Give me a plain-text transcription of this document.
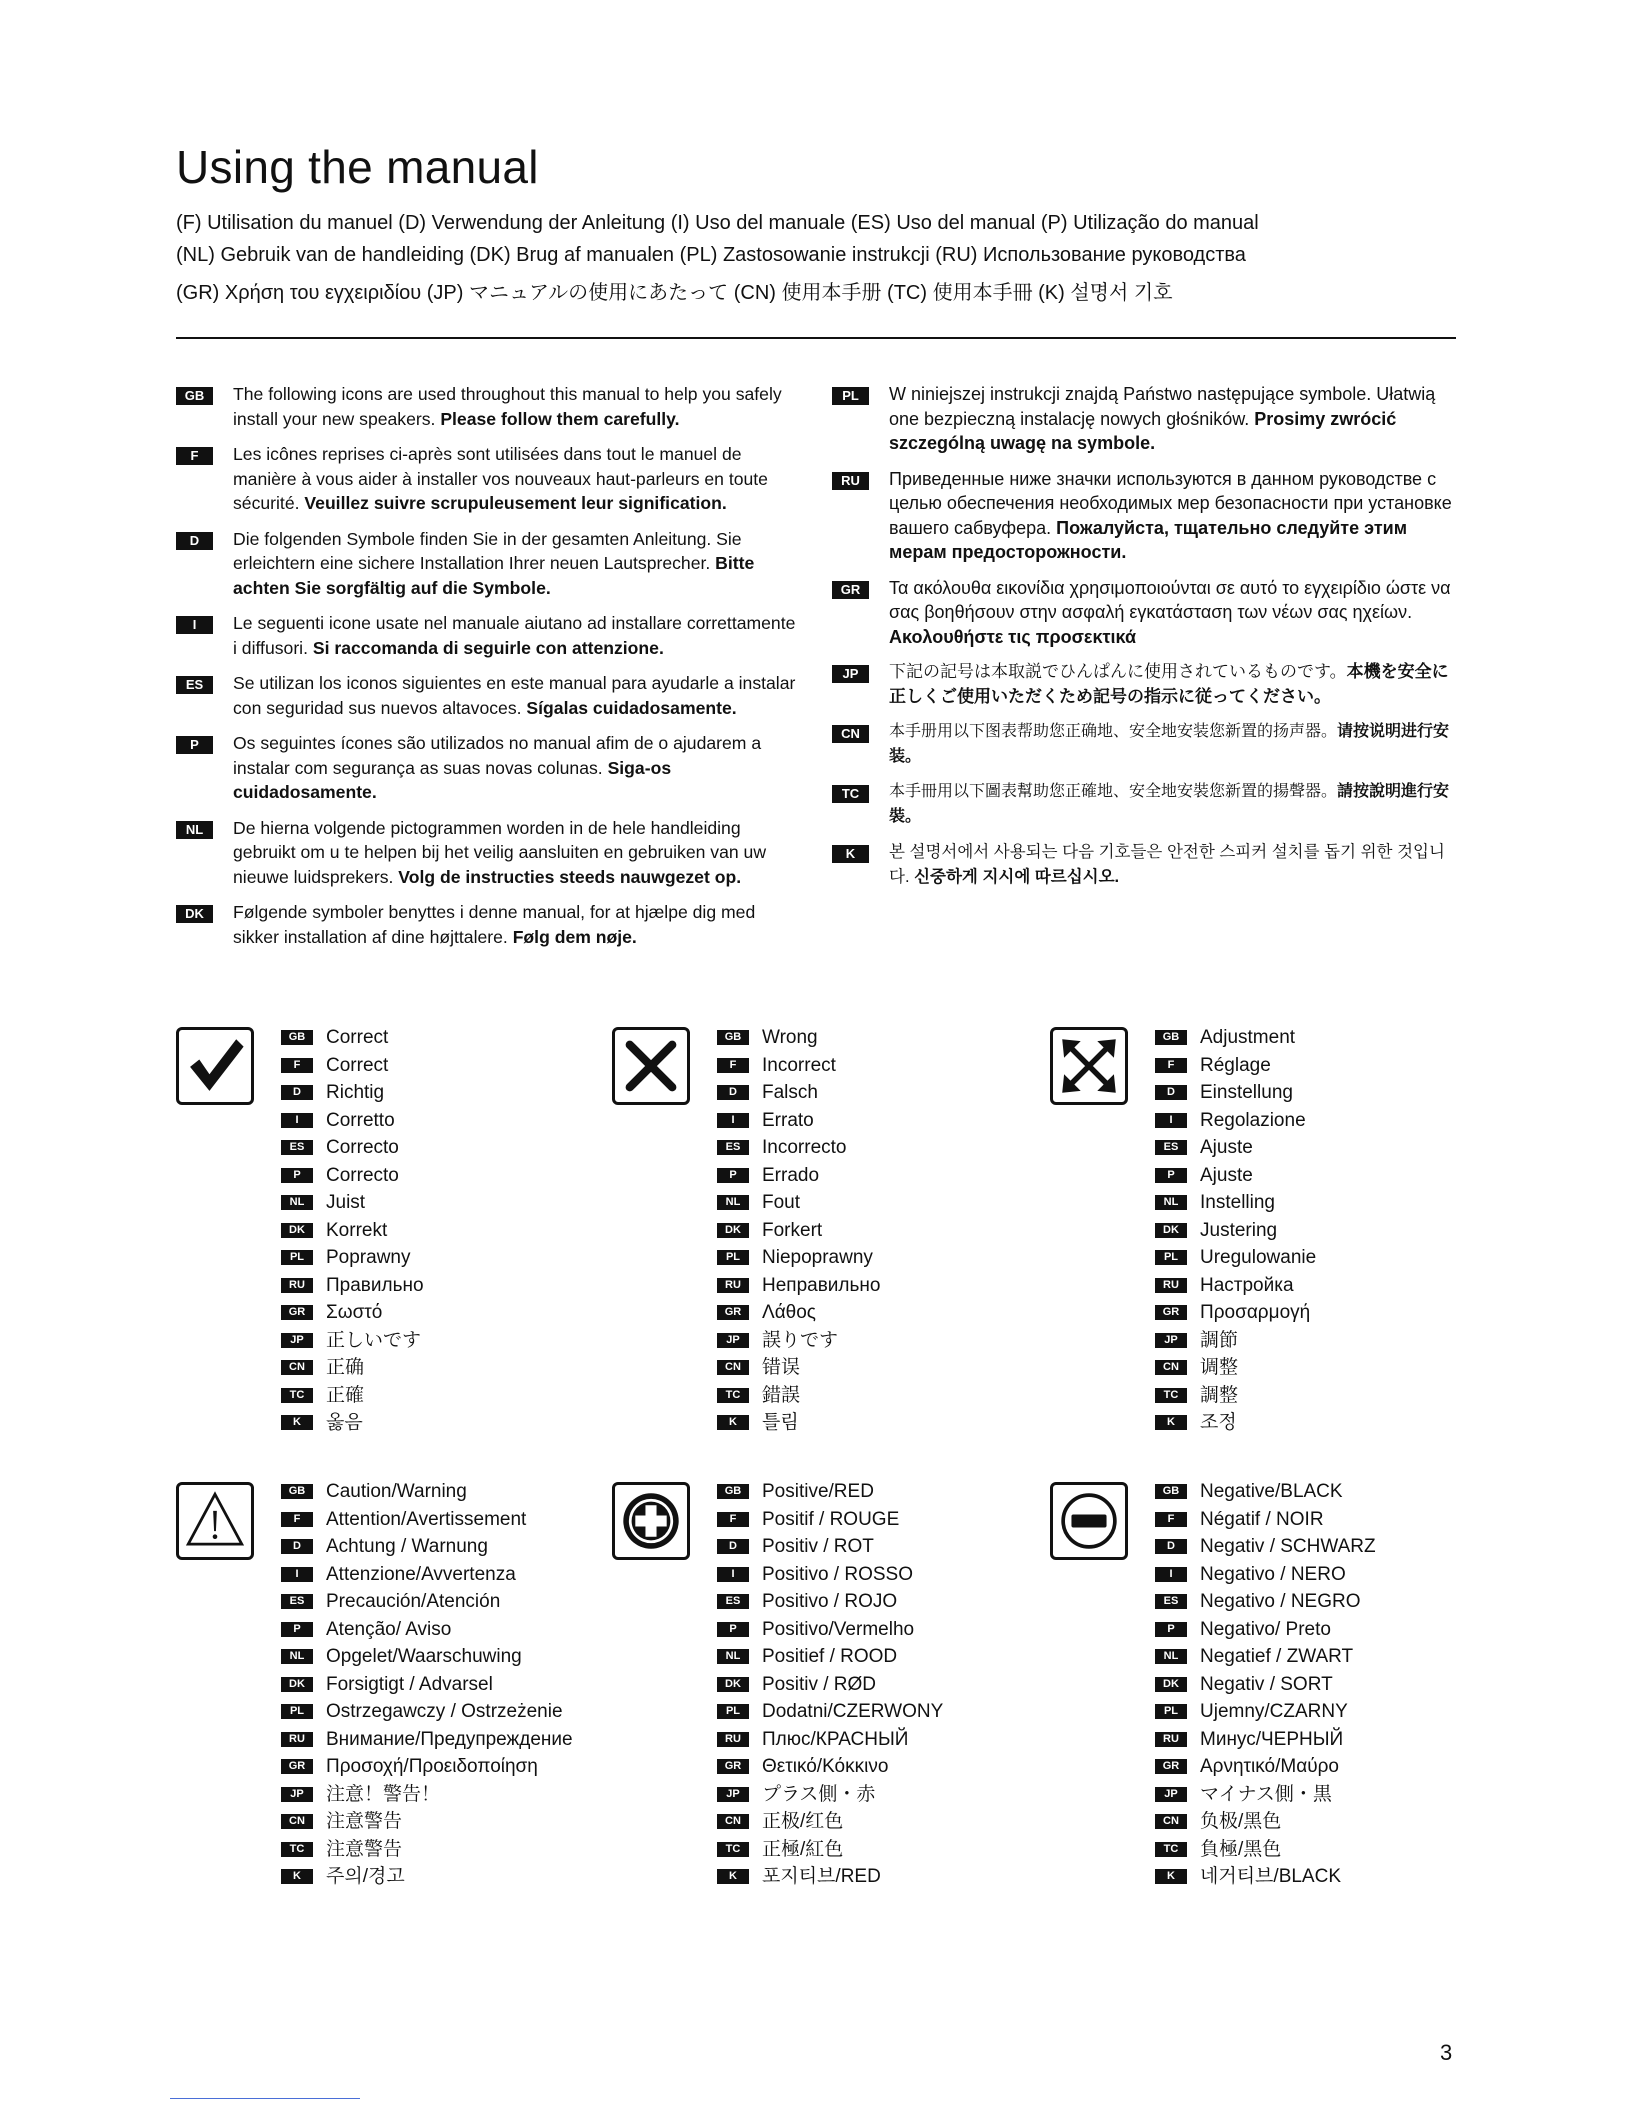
Using the manual
(F) Utilisation du manuel (D) Verwendung der Anleitung (I) Uso del manuale (ES) Uso del manual (P) Utilização do manual
(NL) Gebruik van de handleiding (DK) Brug af manualen (PL) Zastosowanie instrukcji (RU) Использование руководства
(GR) Χρήση του εγχειριδίου (JP) マニュアルの使用にあたって (CN) 使用本手册 (TC) 使用本手冊 (K) 설명서 기호
GB	The following icons are used throughout this manual to help you safely install your new speakers. Please follow them carefully.
F	Les icônes reprises ci-après sont utilisées dans tout le manuel de manière à vous aider à installer vos nouveaux haut-parleurs en toute sécurité. Veuillez suivre scrupuleusement leur signification.
D	Die folgenden Symbole finden Sie in der gesamten Anleitung. Sie erleichtern eine sichere Installation Ihrer neuen Lautsprecher. Bitte achten Sie sorgfältig auf die Symbole.
I	Le seguenti icone usate nel manuale aiutano ad installare correttamente i diffusori. Si raccomanda di seguirle con attenzione.
ES	Se utilizan los iconos siguientes en este manual para ayudarle a instalar con seguridad sus nuevos altavoces. Sígalas cuidadosamente.
P	Os seguintes ícones são utilizados no manual afim de o ajudarem a instalar com segurança as suas novas colunas. Siga-os cuidadosamente.
NL	De hierna volgende pictogrammen worden in de hele handleiding gebruikt om u te helpen bij het veilig aansluiten en gebruiken van uw nieuwe luidsprekers. Volg de instructies steeds nauwgezet op.
DK	Følgende symboler benyttes i denne manual, for at hjælpe dig med sikker installation af dine højttalere. Følg dem nøje.
PL	W niniejszej instrukcji znajdą Państwo następujące symbole. Ułatwią one bezpieczną instalację nowych głośników. Prosimy zwrócić szczególną uwagę na symbole.
RU	Приведенные ниже значки используются в данном руководстве с целью обеспечения необходимых мер безопасности при установке вашего сабвуфера. Пожалуйста, тщательно следуйте этим мерам предосторожности.
GR	Τα ακόλουθα εικονίδια χρησιμοποιούνται σε αυτό το εγχειρίδιο ώστε να σας βοηθήσουν στην ασφαλή εγκατάσταση των νέων σας ηχείων. Ακολουθήστε τις προσεκτικά
JP	下記の記号は本取説でひんぱんに使用されているものです。本機を安全に正しくご使用いただくため記号の指示に従ってください。
CN	本手册用以下图表帮助您正确地、安全地安装您新置的扬声器。请按说明进行安装。
TC	本手冊用以下圖表幫助您正確地、安全地安裝您新置的揚聲器。請按說明進行安裝。
K	본 설명서에서 사용되는 다음 기호들은 안전한 스피커 설치를 돕기 위한 것입니다. 신중하게 지시에 따르십시오.
GB	Correct
F	Correct
D	Richtig
I	Corretto
ES	Correcto
P	Correcto
NL	Juist
DK	Korrekt
PL	Poprawny
RU	Правильно
GR	Σωστό
JP	正しいです
CN	正确
TC	正確
K	옳음
GB	Wrong
F	Incorrect
D	Falsch
I	Errato
ES	Incorrecto
P	Errado
NL	Fout
DK	Forkert
PL	Niepoprawny
RU	Неправильно
GR	Λάθος
JP	誤りです
CN	错误
TC	錯誤
K	틀림
GB	Adjustment
F	Réglage
D	Einstellung
I	Regolazione
ES	Ajuste
P	Ajuste
NL	Instelling
DK	Justering
PL	Uregulowanie
RU	Настройка
GR	Προσαρμογή
JP	調節
CN	调整
TC	調整
K	조정
GB	Caution/Warning
F	Attention/Avertissement
D	Achtung / Warnung
I	Attenzione/Avvertenza
ES	Precaución/Atención
P	Atenção/ Aviso
NL	Opgelet/Waarschuwing
DK	Forsigtigt / Advarsel
PL	Ostrzegawczy / Ostrzeżenie
RU	Внимание/Предупреждение
GR	Προσοχή/Προειδοποίηση
JP	注意！警告！
CN	注意警告
TC	注意警告
K	주의/경고
GB	Positive/RED
F	Positif / ROUGE
D	Positiv / ROT
I	Positivo / ROSSO
ES	Positivo / ROJO
P	Positivo/Vermelho
NL	Positief / ROOD
DK	Positiv / RØD
PL	Dodatni/CZERWONY
RU	Плюс/КРАСНЫЙ
GR	Θετικό/Κόκκινο
JP	プラス側・赤
CN	正极/红色
TC	正極/紅色
K	포지티브/RED
GB	Negative/BLACK
F	Négatif / NOIR
D	Negativ / SCHWARZ
I	Negativo / NERO
ES	Negativo / NEGRO
P	Negativo/ Preto
NL	Negatief / ZWART
DK	Negativ / SORT
PL	Ujemny/CZARNY
RU	Минус/ЧЕРНЫЙ
GR	Αρνητικό/Μαύρο
JP	マイナス側・黒
CN	负极/黑色
TC	負極/黑色
K	네거티브/BLACK
3
